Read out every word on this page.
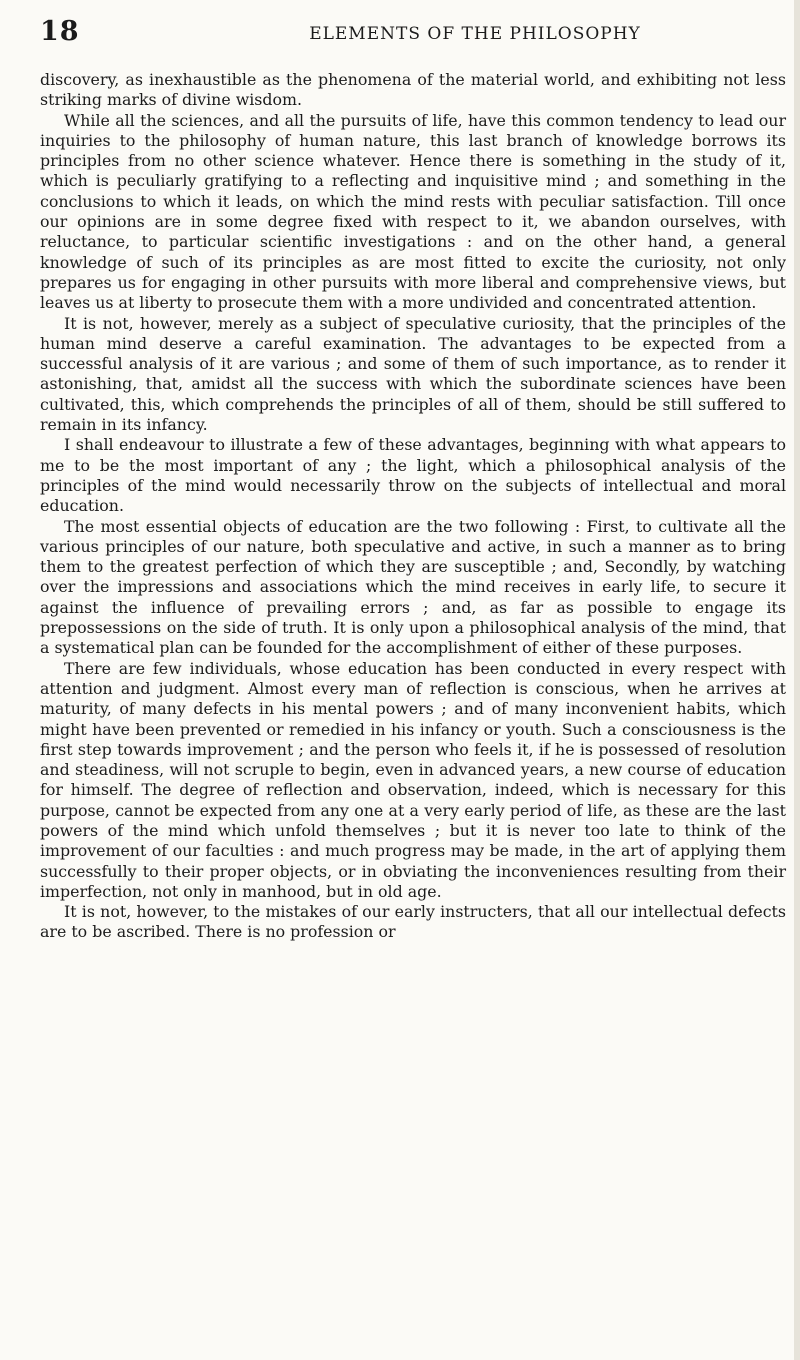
18	ELEMENTS OF THE PHILOSOPHY

discovery, as inexhaustible as the phenomena of the material world, and exhibiting not less striking marks of divine wisdom.

While all the sciences, and all the pursuits of life, have this common tendency to lead our inquiries to the philosophy of human nature, this last branch of knowledge borrows its principles from no other science whatever. Hence there is something in the study of it, which is peculiarly gratifying to a reflecting and inquisitive mind ; and something in the conclusions to which it leads, on which the mind rests with peculiar satisfaction. Till once our opinions are in some degree fixed with respect to it, we abandon ourselves, with reluctance, to particular scientific investigations : and on the other hand, a general knowledge of such of its principles as are most fitted to excite the curiosity, not only prepares us for engaging in other pursuits with more liberal and comprehensive views, but leaves us at liberty to prosecute them with a more undivided and concentrated attention.

It is not, however, merely as a subject of speculative curiosity, that the principles of the human mind deserve a careful examination. The advantages to be expected from a successful analysis of it are various ; and some of them of such importance, as to render it astonishing, that, amidst all the success with which the subordinate sciences have been cultivated, this, which comprehends the principles of all of them, should be still suffered to remain in its infancy.

I shall endeavour to illustrate a few of these advantages, beginning with what appears to me to be the most important of any ; the light, which a philosophical analysis of the principles of the mind would necessarily throw on the subjects of intellectual and moral education.

The most essential objects of education are the two following : First, to cultivate all the various principles of our nature, both speculative and active, in such a manner as to bring them to the greatest perfection of which they are susceptible ; and, Secondly, by watching over the impressions and associations which the mind receives in early life, to secure it against the influence of prevailing errors ; and, as far as possible to engage its prepossessions on the side of truth. It is only upon a philosophical analysis of the mind, that a systematical plan can be founded for the accomplishment of either of these purposes.

There are few individuals, whose education has been conducted in every respect with attention and judgment. Almost every man of reflection is conscious, when he arrives at maturity, of many defects in his mental powers ; and of many inconvenient habits, which might have been prevented or remedied in his infancy or youth. Such a consciousness is the first step towards improvement ; and the person who feels it, if he is possessed of resolution and steadiness, will not scruple to begin, even in advanced years, a new course of education for himself. The degree of reflection and observation, indeed, which is necessary for this purpose, cannot be expected from any one at a very early period of life, as these are the last powers of the mind which unfold themselves ; but it is never too late to think of the improvement of our faculties : and much progress may be made, in the art of applying them successfully to their proper objects, or in obviating the inconveniences resulting from their imperfection, not only in manhood, but in old age.

It is not, however, to the mistakes of our early instructers, that all our intellectual defects are to be ascribed. There is no profession or
